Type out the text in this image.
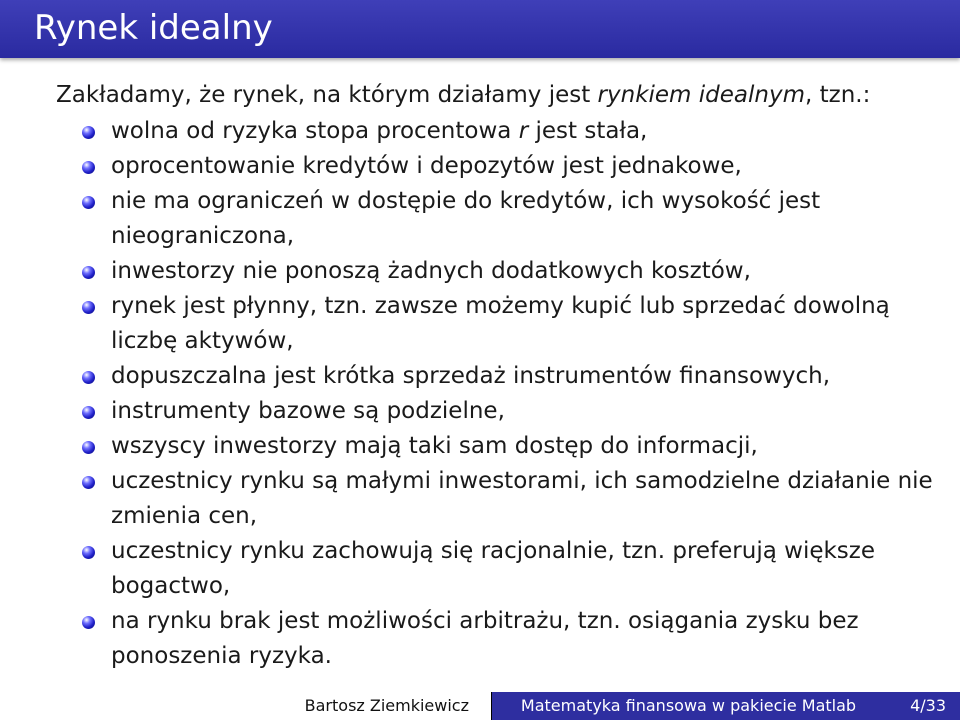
Rynek idealny

Zakładamy, że rynek, na którym działamy jest rynkiem idealnym, tzn.:

wolna od ryzyka stopa procentowa r jest stała,
oprocentowanie kredytów i depozytów jest jednakowe,
nie ma ograniczeń w dostępie do kredytów, ich wysokość jest nieograniczona,
inwestorzy nie ponoszą żadnych dodatkowych kosztów,
rynek jest płynny, tzn. zawsze możemy kupić lub sprzedać dowolną liczbę aktywów,
dopuszczalna jest krótka sprzedaż instrumentów finansowych,
instrumenty bazowe są podzielne,
wszyscy inwestorzy mają taki sam dostęp do informacji,
uczestnicy rynku są małymi inwestorami, ich samodzielne działanie nie zmienia cen,
uczestnicy rynku zachowują się racjonalnie, tzn. preferują większe bogactwo,
na rynku brak jest możliwości arbitrażu, tzn. osiągania zysku bez ponoszenia ryzyka.
Bartosz Ziemkiewicz	Matematyka finansowa w pakiecie Matlab	4/33
